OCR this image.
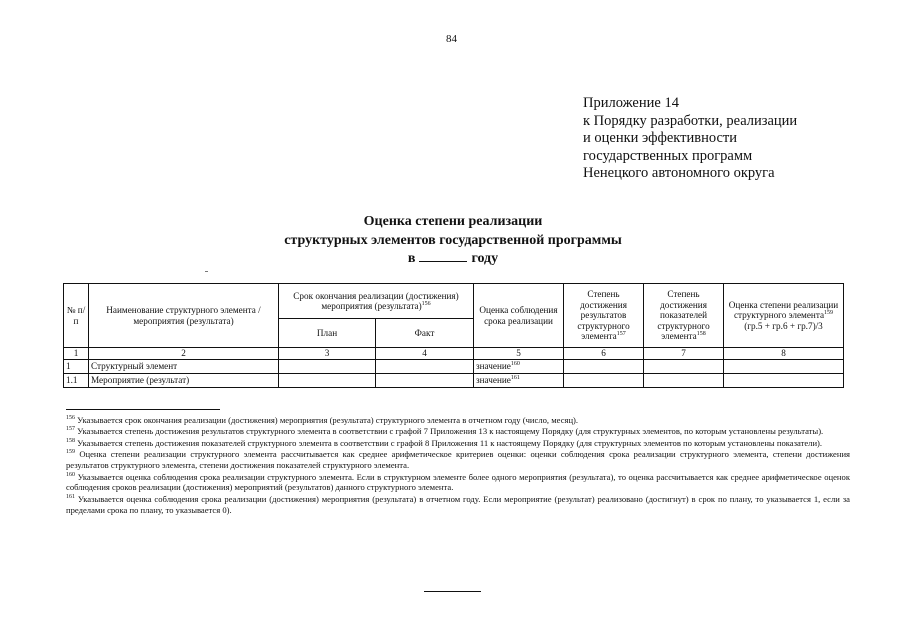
84
Приложение 14
к Порядку разработки, реализации
и оценки эффективности
государственных программ
Ненецкого автономного округа
Оценка степени реализации
структурных элементов государственной программы
в	году
№ п/п	Наименование структурного элемента / мероприятия (результата)	Срок окончания реализации (достижения) мероприятия (результата)$^{156}$		Оценка соблюдения срока реализации	Степень достижения результатов структурного элемента$^{157}$	Степень достижения показателей структурного элемента$^{158}$	Оценка степени реализации структурного элемента$^{159}$
(гр.5 + гр.6 + гр.7)/3
		План	Факт				
1	2	3	4	5	6	7	8
1	Структурный элемент			значение$^{160}$			
1.1	Мероприятие (результат)			значение$^{161}$			

$^{156}$ Указывается срок окончания реализации (достижения) мероприятия (результата) структурного элемента в отчетном году (число, месяц).

$^{157}$ Указывается степень достижения результатов структурного элемента в соответствии с графой 7 Приложения 13 к настоящему Порядку (для структурных элементов, по которым установлены результаты).

$^{158}$ Указывается степень достижения показателей структурного элемента в соответствии с графой 8 Приложения 11 к настоящему Порядку (для структурных элементов по которым установлены показатели).

$^{159}$ Оценка степени реализации структурного элемента рассчитывается как среднее арифметическое критериев оценки: оценки соблюдения срока реализации структурного элемента, степени достижения результатов структурного элемента, степени достижения показателей структурного элемента.

$^{160}$ Указывается оценка соблюдения срока реализации структурного элемента. Если в структурном элементе более одного мероприятия (результата), то оценка рассчитывается как среднее арифметическое оценок соблюдения сроков реализации (достижения) мероприятий (результатов) данного структурного элемента.

$^{161}$ Указывается оценка соблюдения срока реализации (достижения) мероприятия (результата) в отчетном году. Если мероприятие (результат) реализовано (достигнут) в срок по плану, то указывается 1, если за пределами срока по плану, то указывается 0).
